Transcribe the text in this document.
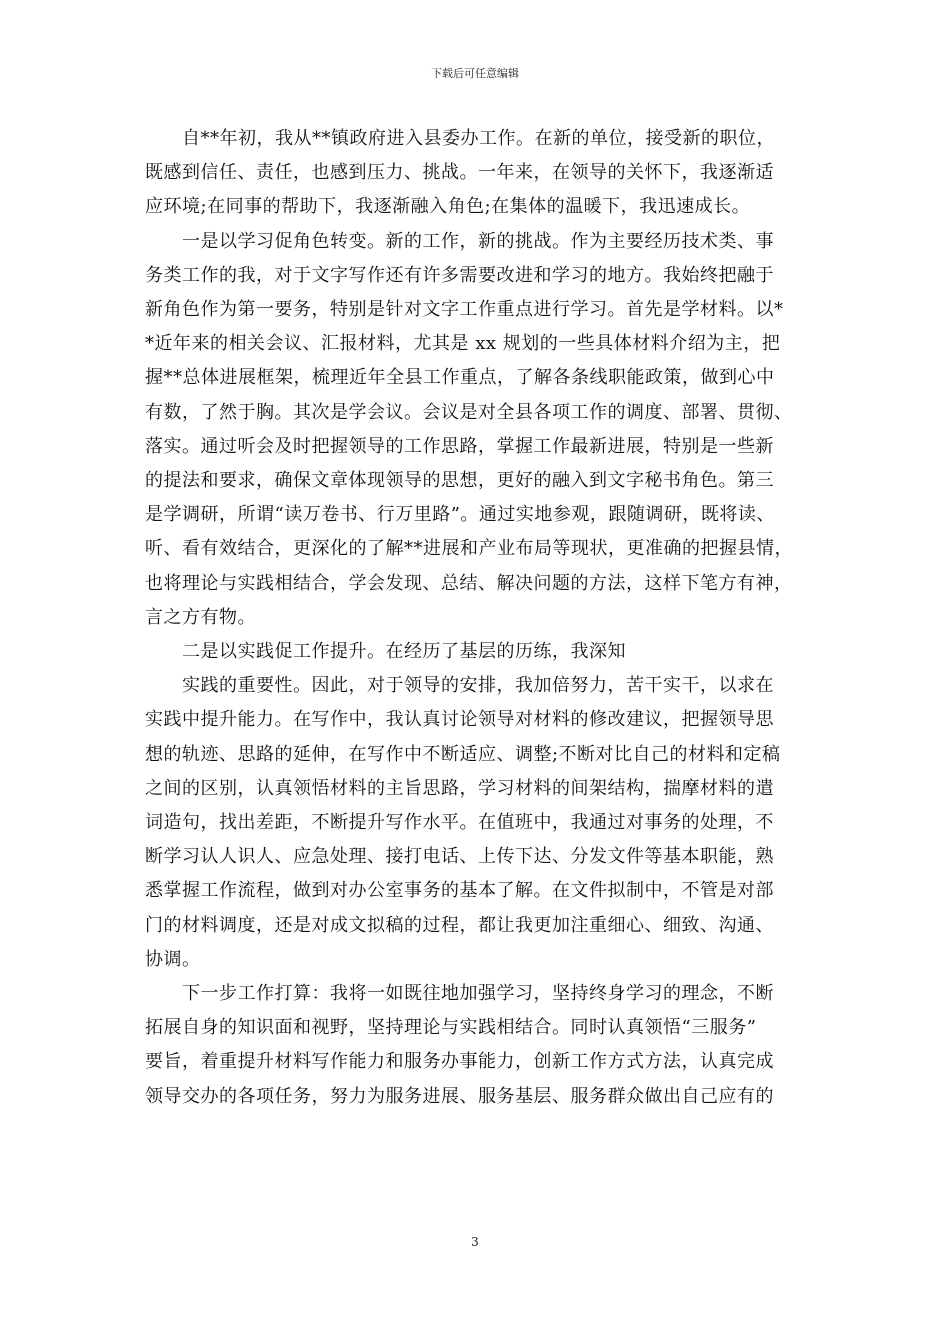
下载后可任意编辑

自**年初，我从**镇政府进入县委办工作。在新的单位，接受新的职位，
既感到信任、责任，也感到压力、挑战。一年来，在领导的关怀下，我逐渐适
应环境;在同事的帮助下，我逐渐融入角色;在集体的温暖下，我迅速成长。

一是以学习促角色转变。新的工作，新的挑战。作为主要经历技术类、事
务类工作的我，对于文字写作还有许多需要改进和学习的地方。我始终把融于
新角色作为第一要务，特别是针对文字工作重点进行学习。首先是学材料。以*
*近年来的相关会议、汇报材料，尤其是 xx 规划的一些具体材料介绍为主，把
握**总体进展框架，梳理近年全县工作重点，了解各条线职能政策，做到心中
有数，了然于胸。其次是学会议。会议是对全县各项工作的调度、部署、贯彻、
落实。通过听会及时把握领导的工作思路，掌握工作最新进展，特别是一些新
的提法和要求，确保文章体现领导的思想，更好的融入到文字秘书角色。第三
是学调研，所谓“读万卷书、行万里路”。通过实地参观，跟随调研，既将读、
听、看有效结合，更深化的了解**进展和产业布局等现状，更准确的把握县情，
也将理论与实践相结合，学会发现、总结、解决问题的方法，这样下笔方有神，
言之方有物。

二是以实践促工作提升。在经历了基层的历练，我深知

实践的重要性。因此，对于领导的安排，我加倍努力，苦干实干，以求在
实践中提升能力。在写作中，我认真讨论领导对材料的修改建议，把握领导思
想的轨迹、思路的延伸，在写作中不断适应、调整;不断对比自己的材料和定稿
之间的区别，认真领悟材料的主旨思路，学习材料的间架结构，揣摩材料的遣
词造句，找出差距，不断提升写作水平。在值班中，我通过对事务的处理，不
断学习认人识人、应急处理、接打电话、上传下达、分发文件等基本职能，熟
悉掌握工作流程，做到对办公室事务的基本了解。在文件拟制中，不管是对部
门的材料调度，还是对成文拟稿的过程，都让我更加注重细心、细致、沟通、
协调。

下一步工作打算：我将一如既往地加强学习，坚持终身学习的理念，不断
拓展自身的知识面和视野，坚持理论与实践相结合。同时认真领悟“三服务”
要旨，着重提升材料写作能力和服务办事能力，创新工作方式方法，认真完成
领导交办的各项任务，努力为服务进展、服务基层、服务群众做出自己应有的

3
